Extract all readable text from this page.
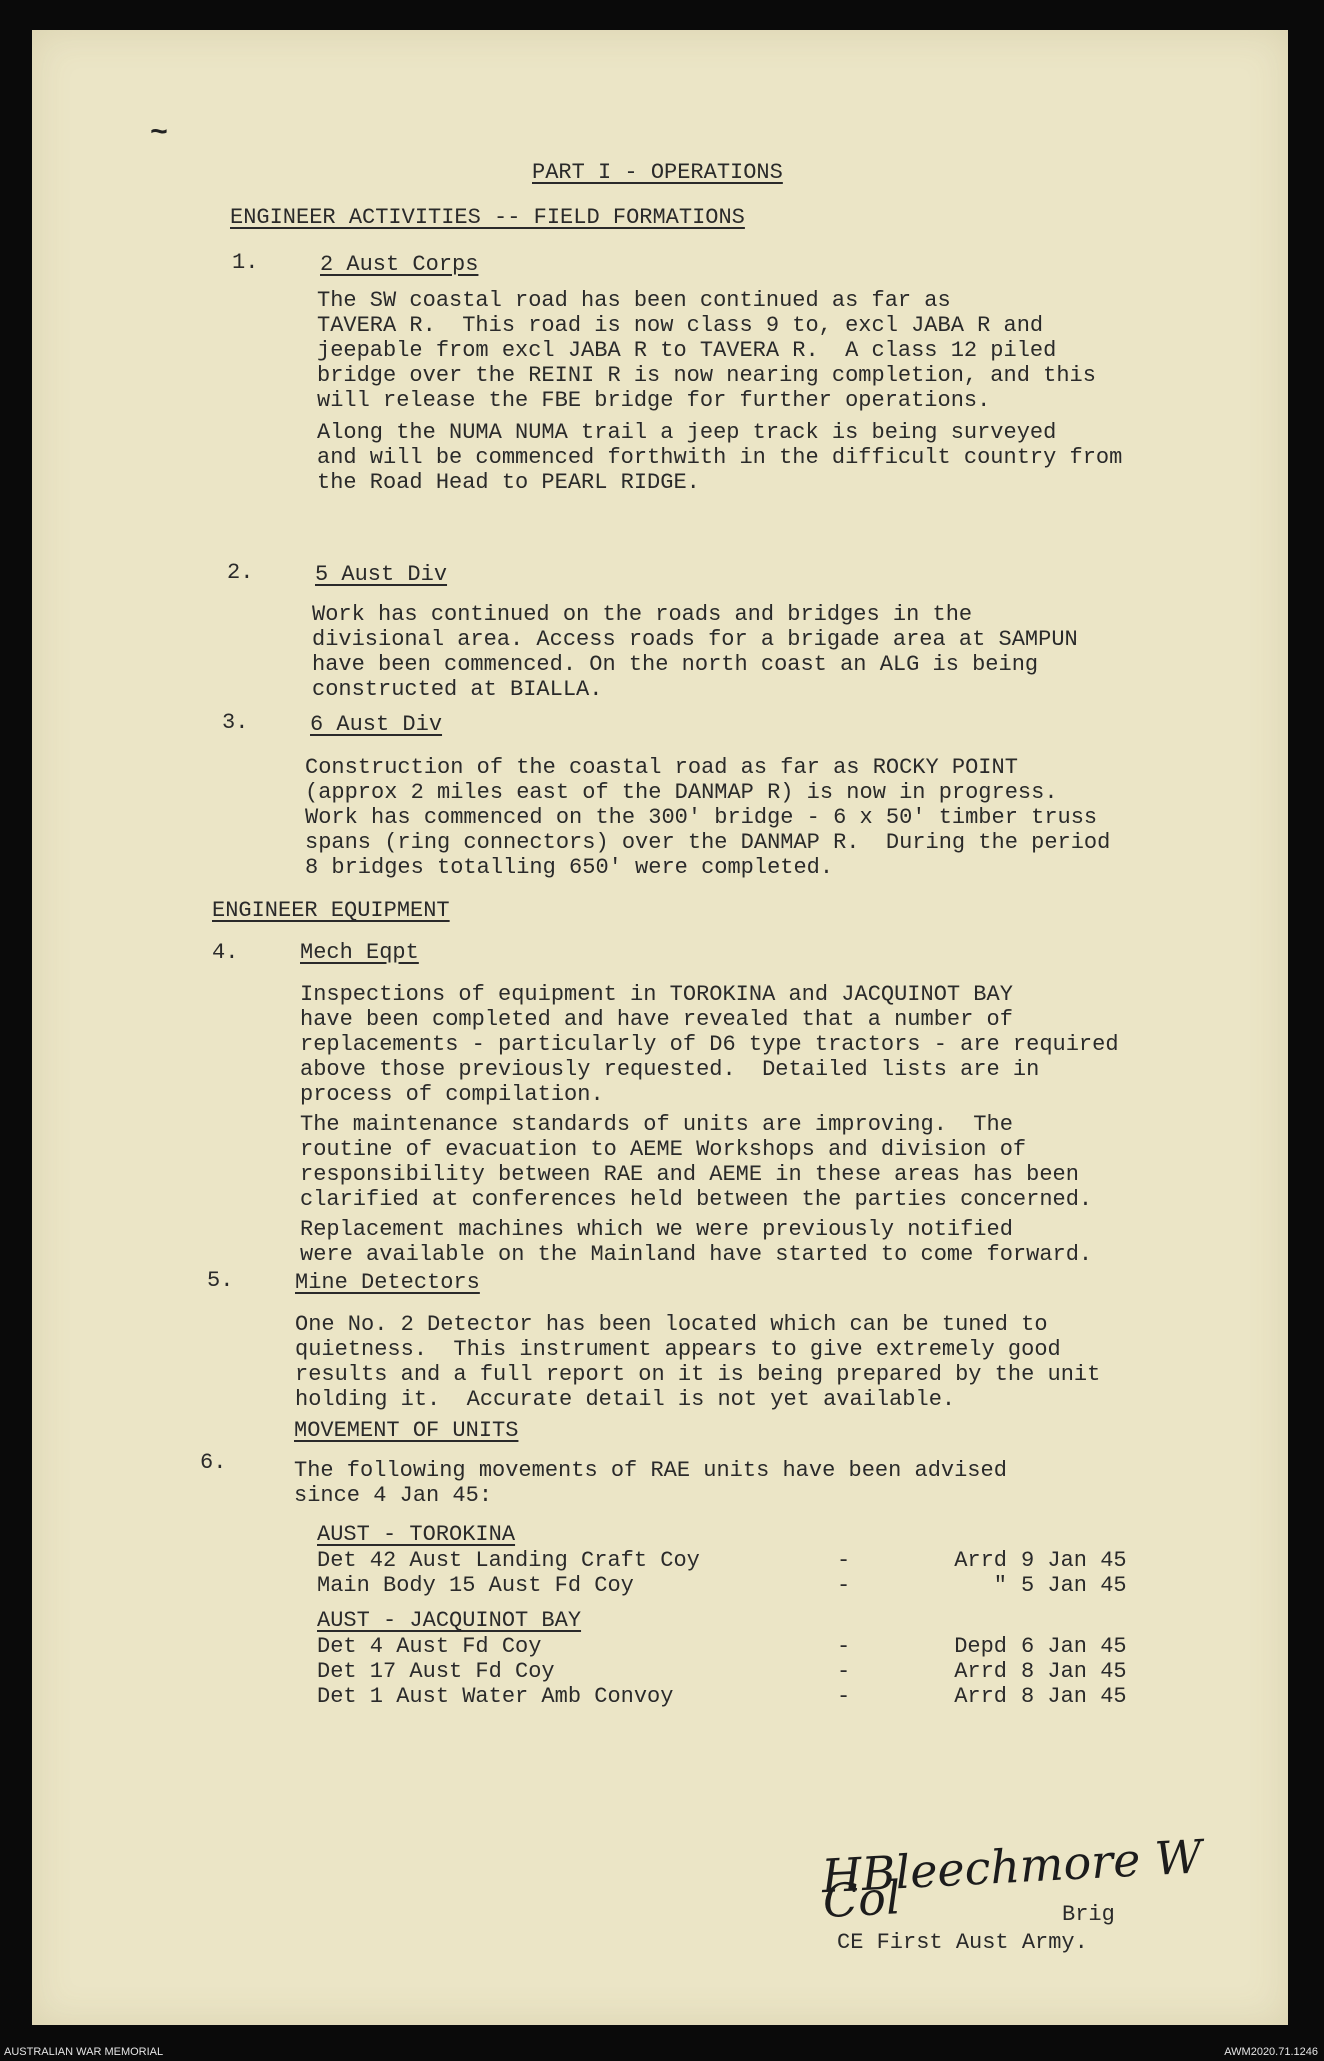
~
PART I - OPERATIONS
ENGINEER ACTIVITIES -- FIELD FORMATIONS
1.	2 Aust Corps
The SW coastal road has been continued as far as
TAVERA R.  This road is now class 9 to, excl JABA R and
jeepable from excl JABA R to TAVERA R.  A class 12 piled
bridge over the REINI R is now nearing completion, and this
will release the FBE bridge for further operations.
Along the NUMA NUMA trail a jeep track is being surveyed
and will be commenced forthwith in the difficult country from
the Road Head to PEARL RIDGE.
2.	5 Aust Div
Work has continued on the roads and bridges in the
divisional area. Access roads for a brigade area at SAMPUN
have been commenced. On the north coast an ALG is being
constructed at BIALLA.
3.	6 Aust Div
Construction of the coastal road as far as ROCKY POINT
(approx 2 miles east of the DANMAP R) is now in progress.
Work has commenced on the 300' bridge - 6 x 50' timber truss
spans (ring connectors) over the DANMAP R.  During the period
8 bridges totalling 650' were completed.
ENGINEER EQUIPMENT
4.	Mech Eqpt
Inspections of equipment in TOROKINA and JACQUINOT BAY
have been completed and have revealed that a number of
replacements - particularly of D6 type tractors - are required
above those previously requested.  Detailed lists are in
process of compilation.
The maintenance standards of units are improving.  The
routine of evacuation to AEME Workshops and division of
responsibility between RAE and AEME in these areas has been
clarified at conferences held between the parties concerned.
Replacement machines which we were previously notified
were available on the Mainland have started to come forward.
5.	Mine Detectors
One No. 2 Detector has been located which can be tuned to
quietness.  This instrument appears to give extremely good
results and a full report on it is being prepared by the unit
holding it.  Accurate detail is not yet available.
MOVEMENT OF UNITS
6.	The following movements of RAE units have been advised
since 4 Jan 45:
AUST - TOROKINA
Det 42 Aust Landing Craft Coy	-	Arrd	9 Jan 45
Main Body 15 Aust Fd Coy	-	"	5 Jan 45
AUST - JACQUINOT BAY
Det 4 Aust Fd Coy	-	Depd	6 Jan 45
Det 17 Aust Fd Coy	-	Arrd	8 Jan 45
Det 1 Aust Water Amb Convoy	-	Arrd	8 Jan 45
HBleechmore W Col	Brig
CE First Aust Army.
AUSTRALIAN WAR MEMORIAL	AWM2020.71.1246
